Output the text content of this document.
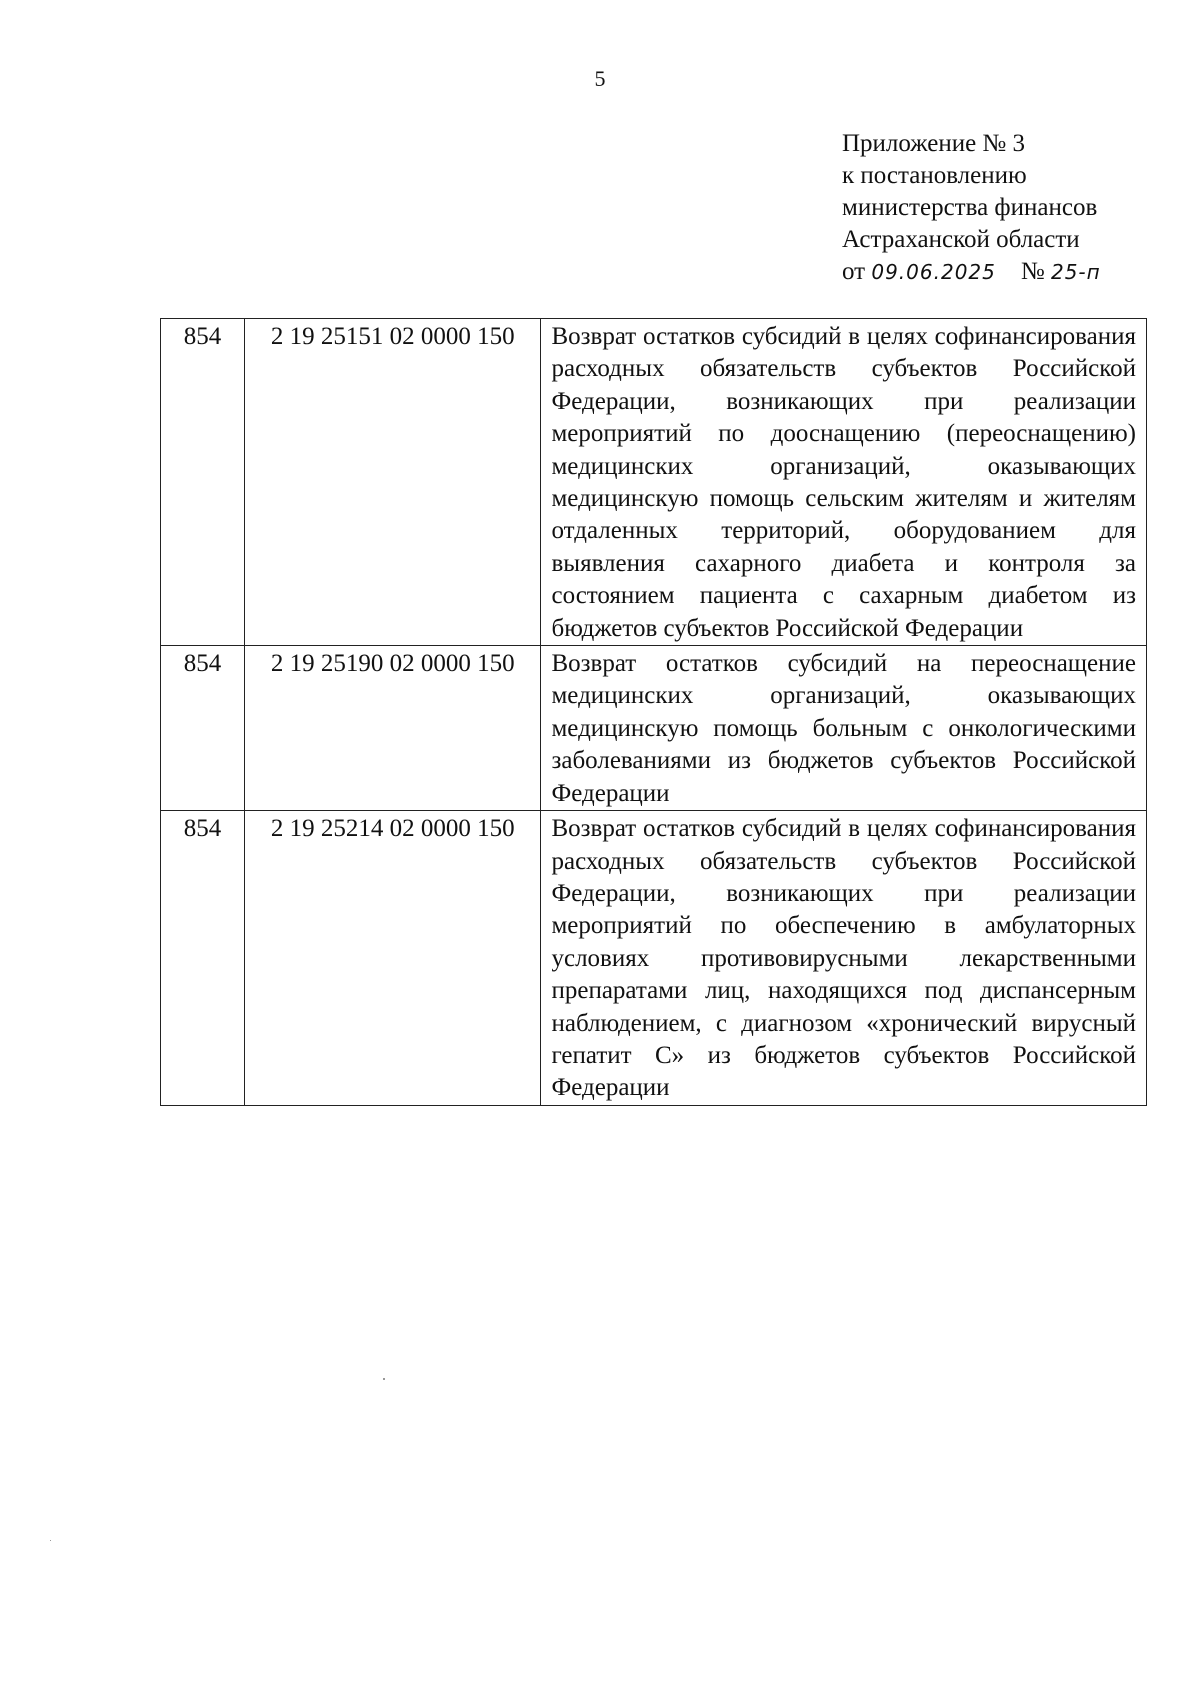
5
Приложение № 3
к постановлению
министерства финансов
Астраханской области
от 09.06.2025 № 25-п
854	2 19 25151 02 0000 150	Возврат остатков субсидий в целях софинансирования расходных обязательств субъектов Российской Федерации, возникающих при реализации мероприятий по дооснащению (переоснащению) медицинских организаций, оказывающих медицинскую помощь сельским жителям и жителям отдаленных территорий, оборудованием для выявления сахарного диабета и контроля за состоянием пациента с сахарным диабетом из бюджетов субъектов Российской Федерации
854	2 19 25190 02 0000 150	Возврат остатков субсидий на переоснащение медицинских организаций, оказывающих медицинскую помощь больным с онкологическими заболеваниями из бюджетов субъектов Российской Федерации
854	2 19 25214 02 0000 150	Возврат остатков субсидий в целях софинансирования расходных обязательств субъектов Российской Федерации, возникающих при реализации мероприятий по обеспечению в амбулаторных условиях противовирусными лекарственными препаратами лиц, находящихся под диспансерным наблюдением, с диагнозом «хронический вирусный гепатит С» из бюджетов субъектов Российской Федерации
